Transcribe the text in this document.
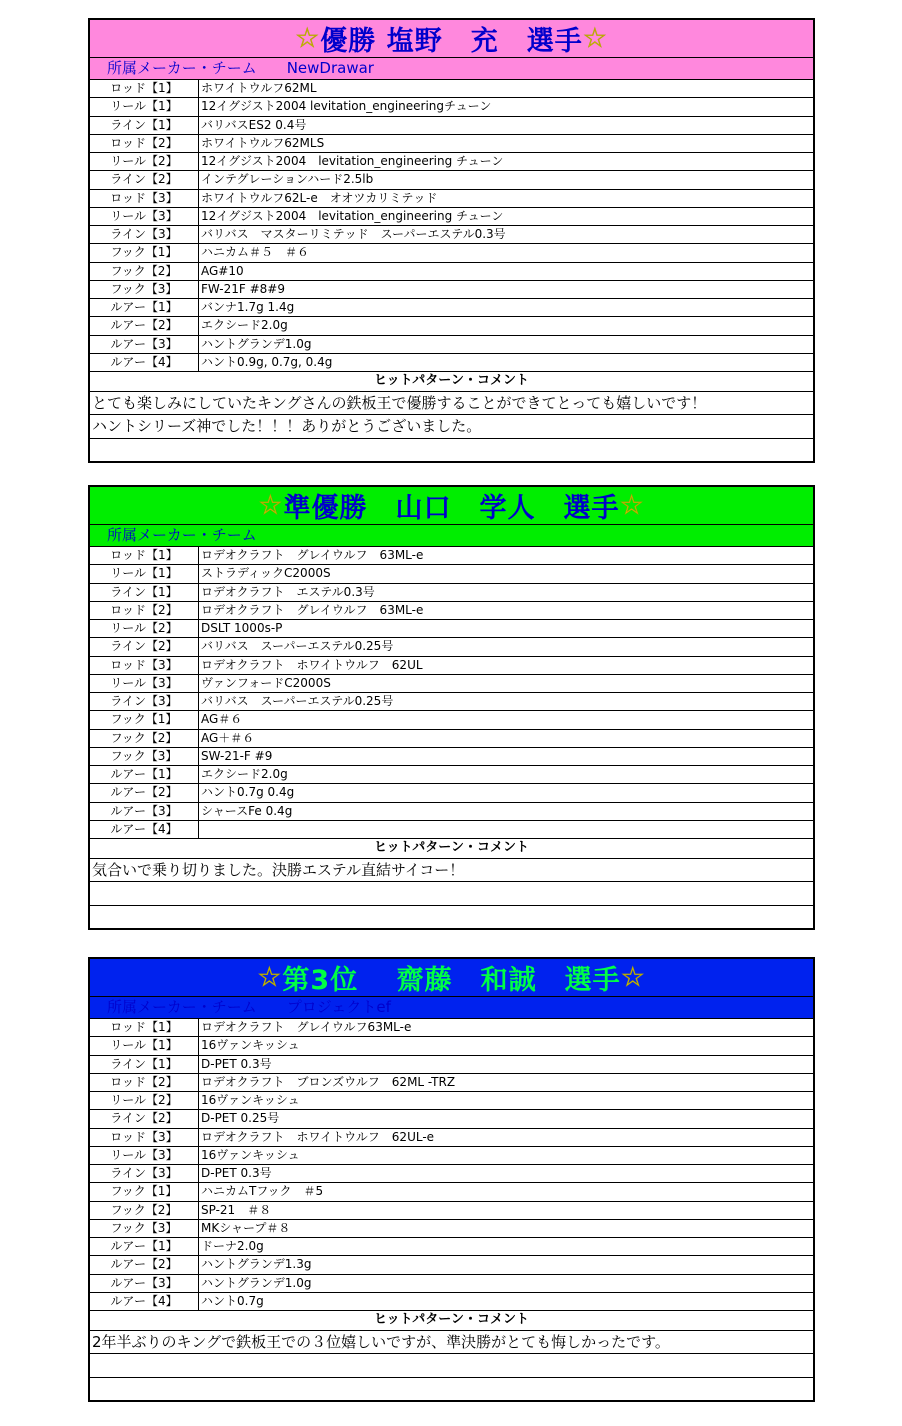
☆ 優勝 塩野　充　選手 ☆
所属メーカー・チーム NewDrawar
ロッド【1】	ホワイトウルフ62ML
リール【1】	12イグジスト2004 levitation_engineeringチューン
ライン【1】	バリバスES2 0.4号
ロッド【2】	ホワイトウルフ62MLS
リール【2】	12イグジスト2004　levitation_engineering チューン
ライン【2】	インテグレーションハード2.5lb
ロッド【3】	ホワイトウルフ62L-e　オオツカリミテッド
リール【3】	12イグジスト2004　levitation_engineering チューン
ライン【3】	バリバス　マスターリミテッド　スーパーエステル0.3号
フック【1】	ハニカム＃５　＃６
フック【2】	AG#10
フック【3】	FW-21F #8#9
ルアー【1】	バンナ1.7g 1.4g
ルアー【2】	エクシード2.0g
ルアー【3】	ハントグランデ1.0g
ルアー【4】	ハント0.9g, 0.7g, 0.4g
ヒットパターン・コメント
とても楽しみにしていたキングさんの鉄板王で優勝することができてとっても嬉しいです！
ハントシリーズ神でした！！！ありがとうございました。
☆ 準優勝　山口　学人　選手 ☆
所属メーカー・チーム
ロッド【1】	ロデオクラフト　グレイウルフ　63ML-e
リール【1】	ストラディックC2000S
ライン【1】	ロデオクラフト　エステル0.3号
ロッド【2】	ロデオクラフト　グレイウルフ　63ML-e
リール【2】	DSLT 1000s-P
ライン【2】	バリバス　スーパーエステル0.25号
ロッド【3】	ロデオクラフト　ホワイトウルフ　62UL
リール【3】	ヴァンフォードC2000S
ライン【3】	バリバス　スーパーエステル0.25号
フック【1】	AG＃６
フック【2】	AG＋＃６
フック【3】	SW-21-F #9
ルアー【1】	エクシード2.0g
ルアー【2】	ハント0.7g 0.4g
ルアー【3】	シャースFe 0.4g
ルアー【4】
ヒットパターン・コメント
気合いで乗り切りました。決勝エステル直結サイコー！
☆ 第3位　 齋藤　和誠　選手 ☆
所属メーカー・チーム プロジェクトef
ロッド【1】	ロデオクラフト　グレイウルフ63ML-e
リール【1】	16ヴァンキッシュ
ライン【1】	D-PET 0.3号
ロッド【2】	ロデオクラフト　ブロンズウルフ　62ML -TRZ
リール【2】	16ヴァンキッシュ
ライン【2】	D-PET 0.25号
ロッド【3】	ロデオクラフト　ホワイトウルフ　62UL-e
リール【3】	16ヴァンキッシュ
ライン【3】	D-PET 0.3号
フック【1】	ハニカムTフック　＃5
フック【2】	SP-21　＃８
フック【3】	MKシャープ＃８
ルアー【1】	ドーナ2.0g
ルアー【2】	ハントグランデ1.3g
ルアー【3】	ハントグランデ1.0g
ルアー【4】	ハント0.7g
ヒットパターン・コメント
2年半ぶりのキングで鉄板王での３位嬉しいですが、準決勝がとても悔しかったです。
